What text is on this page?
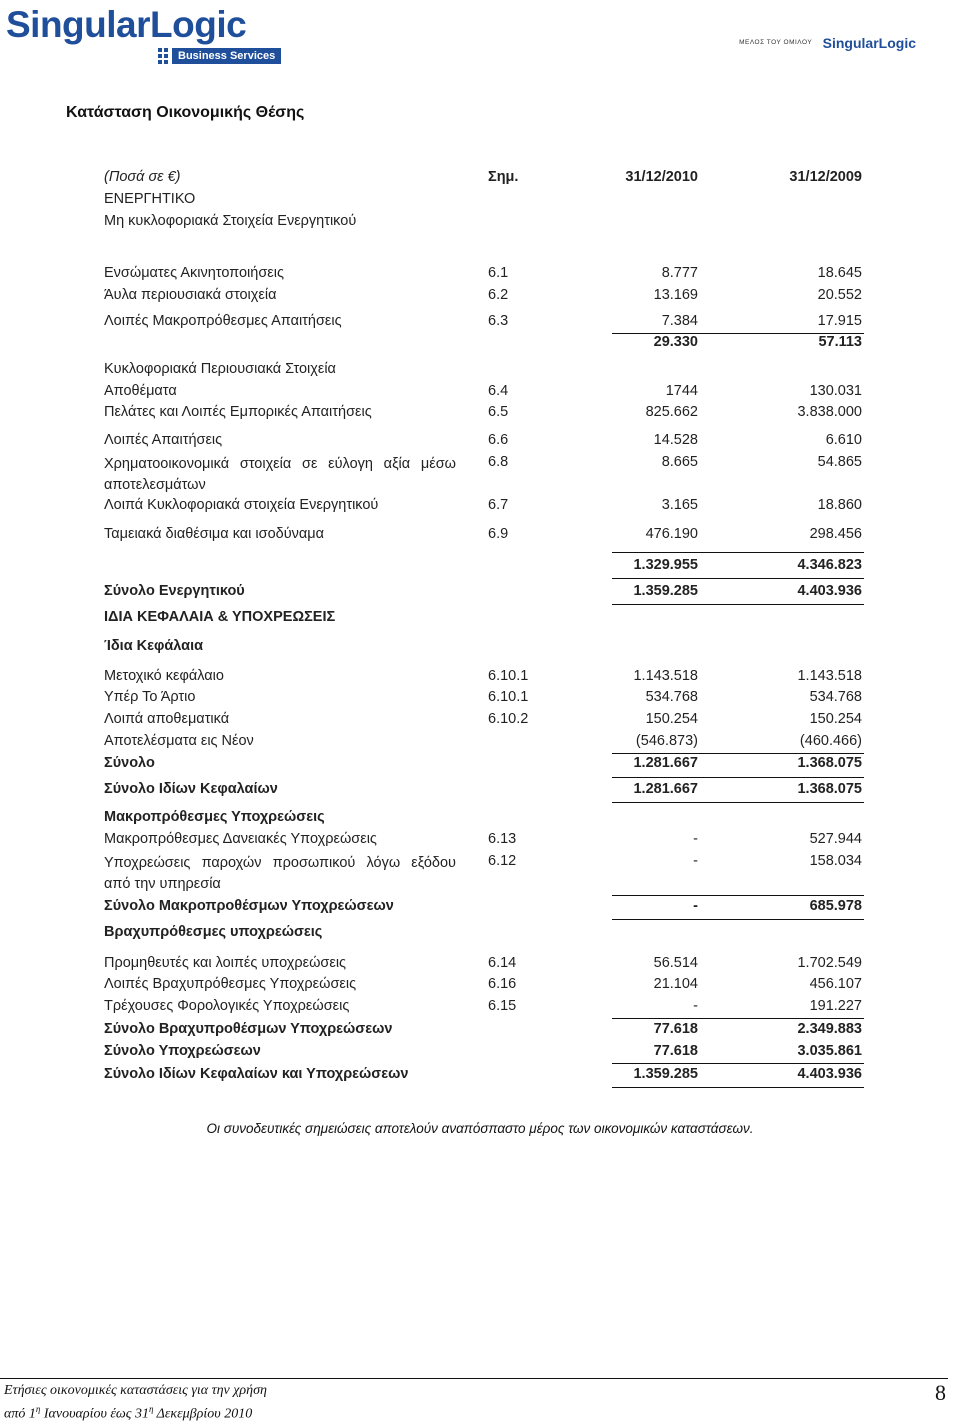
SingularLogic
Business Services
ΜΕΛΟΣ ΤΟΥ ΟΜΙΛΟΥ SingularLogic
Κατάσταση Οικονομικής Θέσης
(Ποσά σε €)	Σημ.	31/12/2010	31/12/2009
ΕΝΕΡΓΗΤΙΚΟ
Μη κυκλοφοριακά Στοιχεία Ενεργητικού
Ενσώματες Ακινητοποιήσεις	6.1	8.777	18.645
Άυλα περιουσιακά στοιχεία	6.2	13.169	20.552
Λοιπές Μακροπρόθεσμες Απαιτήσεις	6.3	7.384	17.915
29.330	57.113
Κυκλοφοριακά Περιουσιακά Στοιχεία
Αποθέματα	6.4	1744	130.031
Πελάτες και Λοιπές Εμπορικές Απαιτήσεις	6.5	825.662	3.838.000
Λοιπές Απαιτήσεις	6.6	14.528	6.610
Χρηματοοικονομικά στοιχεία σε εύλογη αξία μέσω αποτελεσμάτων
6.8	8.665	54.865
Λοιπά Κυκλοφοριακά στοιχεία Ενεργητικού	6.7	3.165	18.860
Ταμειακά διαθέσιμα και ισοδύναμα	6.9	476.190	298.456
1.329.955	4.346.823
Σύνολο Ενεργητικού	1.359.285	4.403.936
ΙΔΙΑ ΚΕΦΑΛΑΙΑ & ΥΠΟΧΡΕΩΣΕΙΣ
Ίδια Κεφάλαια
Μετοχικό κεφάλαιο	6.10.1	1.143.518	1.143.518
Υπέρ Το Άρτιο	6.10.1	534.768	534.768
Λοιπά αποθεματικά	6.10.2	150.254	150.254
Αποτελέσματα εις Νέον	(546.873)	(460.466)
Σύνολο	1.281.667	1.368.075
Σύνολο Ιδίων Κεφαλαίων	1.281.667	1.368.075
Μακροπρόθεσμες Υποχρεώσεις
Μακροπρόθεσμες Δανειακές Υποχρεώσεις	6.13	-	527.944
Υποχρεώσεις παροχών προσωπικού λόγω εξόδου από την υπηρεσία
6.12	-	158.034
Σύνολο Μακροπροθέσμων Υποχρεώσεων	-	685.978
Βραχυπρόθεσμες υποχρεώσεις
Προμηθευτές και λοιπές υποχρεώσεις	6.14	56.514	1.702.549
Λοιπές Βραχυπρόθεσμες Υποχρεώσεις	6.16	21.104	456.107
Τρέχουσες Φορολογικές Υποχρεώσεις	6.15	-	191.227
Σύνολο Βραχυπροθέσμων Υποχρεώσεων	77.618	2.349.883
Σύνολο Υποχρεώσεων	77.618	3.035.861
Σύνολο Ιδίων Κεφαλαίων και Υποχρεώσεων	1.359.285	4.403.936
Οι συνοδευτικές σημειώσεις αποτελούν αναπόσπαστο μέρος των οικονομικών καταστάσεων.
Ετήσιες οικονομικές καταστάσεις για την χρήση
από $1^\eta$ Ιανουαρίου έως $31^\eta$ Δεκεμβρίου 2010
8
